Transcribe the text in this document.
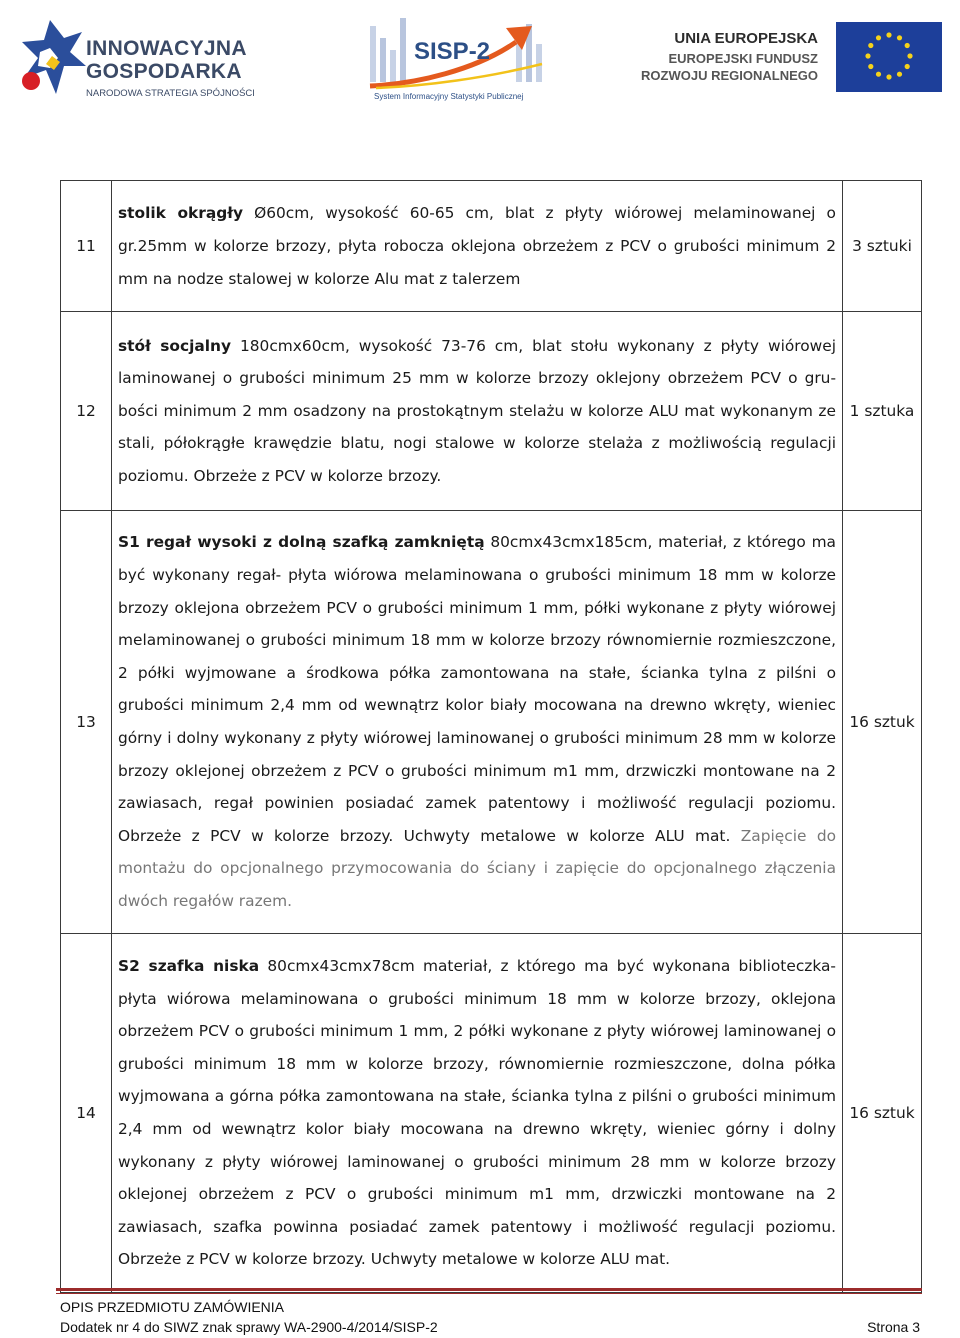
INNOWACYJNA
GOSPODARKA
NARODOWA STRATEGIA SPÓJNOŚCI
SISP-2
System Informacyjny Statystyki Publicznej
UNIA EUROPEJSKA
EUROPEJSKI FUNDUSZ
ROZWOJU REGIONALNEGO
11	stolik okrągły Ø60cm, wysokość 60-65 cm, blat z płyty wiórowej melaminowanej o gr.25mm w kolorze brzozy, płyta robocza oklejona obrzeżem z PCV o grubości minimum 2 mm na nodze stalowej w kolorze Alu mat z talerzem	3 sztuki
12	stół socjalny 180cmx60cm, wysokość 73-76 cm, blat stołu wykonany z płyty wiórowej laminowanej o grubości minimum 25 mm w kolorze brzozy oklejony obrzeżem PCV o grubości minimum 2 mm osadzony na prostokątnym stelażu w kolorze ALU mat wykonanym ze stali, półokrągłe krawędzie blatu, nogi stalowe w kolorze stelaża z możliwością regulacji poziomu. Obrzeże z PCV w kolorze brzozy.	1 sztuka
13	S1 regał wysoki z dolną szafką zamkniętą 80cmx43cmx185cm, materiał, z którego ma być wykonany regał- płyta wiórowa melaminowana o grubości minimum 18 mm w kolorze brzozy oklejona obrzeżem PCV o grubości minimum 1 mm, półki wykonane z płyty wiórowej melaminowanej o grubości minimum 18 mm w kolorze brzozy równomiernie rozmieszczone, 2 półki wyjmowane a środkowa półka zamontowana na stałe, ścianka tylna z pilśni o grubości minimum 2,4 mm od wewnątrz kolor biały mocowana na drewno wkręty, wieniec górny i dolny wykonany z płyty wiórowej laminowanej o grubości minimum 28 mm w kolorze brzozy oklejonej obrzeżem z PCV o grubości minimum m1 mm, drzwiczki montowane na 2 zawiasach, regał powinien posiadać zamek patentowy i możliwość regulacji poziomu. Obrzeże z PCV w kolorze brzozy. Uchwyty metalowe w kolorze ALU mat. Zapięcie do montażu do opcjonalnego przymocowania do ściany i zapięcie do opcjonalnego złączenia dwóch regałów razem.	16 sztuk
14	S2 szafka niska 80cmx43cmx78cm materiał, z którego ma być wykonana biblioteczka- płyta wiórowa melaminowana o grubości minimum 18 mm w kolorze brzozy, oklejona obrzeżem PCV o grubości minimum 1 mm, 2 półki wykonane z płyty wiórowej laminowanej o grubości minimum 18 mm w kolorze brzozy, równomiernie rozmieszczone, dolna półka wyjmowana a górna półka zamontowana na stałe, ścianka tylna z pilśni o grubości minimum 2,4 mm od wewnątrz kolor biały mocowana na drewno wkręty, wieniec górny i dolny wykonany z płyty wiórowej laminowanej o grubości minimum 28 mm w kolorze brzozy oklejonej obrzeżem z PCV o grubości minimum m1 mm, drzwiczki montowane na 2 zawiasach, szafka powinna posiadać zamek patentowy i możliwość regulacji poziomu. Obrzeże z PCV w kolorze brzozy. Uchwyty metalowe w kolorze ALU mat.	16 sztuk
OPIS PRZEDMIOTU ZAMÓWIENIA
Dodatek nr 4 do SIWZ znak sprawy WA-2900-4/2014/SISP-2	Strona 3
